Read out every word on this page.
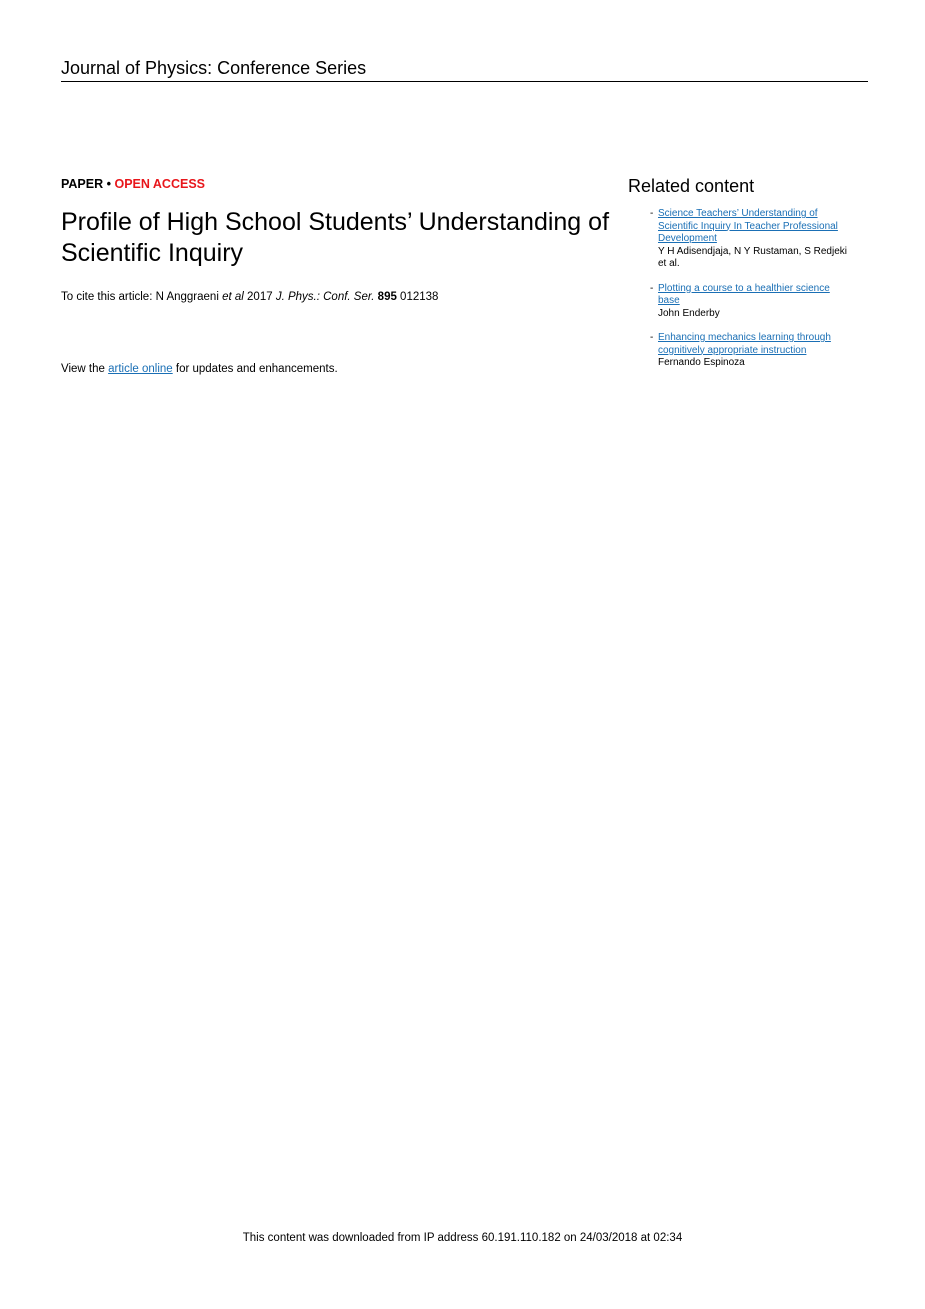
Journal of Physics: Conference Series
PAPER • OPEN ACCESS
Profile of High School Students’ Understanding of
Scientific Inquiry
To cite this article: N Anggraeni et al 2017 J. Phys.: Conf. Ser. 895 012138
View the article online for updates and enhancements.
Related content
- Science Teachers’ Understanding of
Scientific Inquiry In Teacher Professional
Development
Y H Adisendjaja, N Y Rustaman, S Redjeki
et al.
- Plotting a course to a healthier science
base
John Enderby
- Enhancing mechanics learning through
cognitively appropriate instruction
Fernando Espinoza
This content was downloaded from IP address 60.191.110.182 on 24/03/2018 at 02:34
